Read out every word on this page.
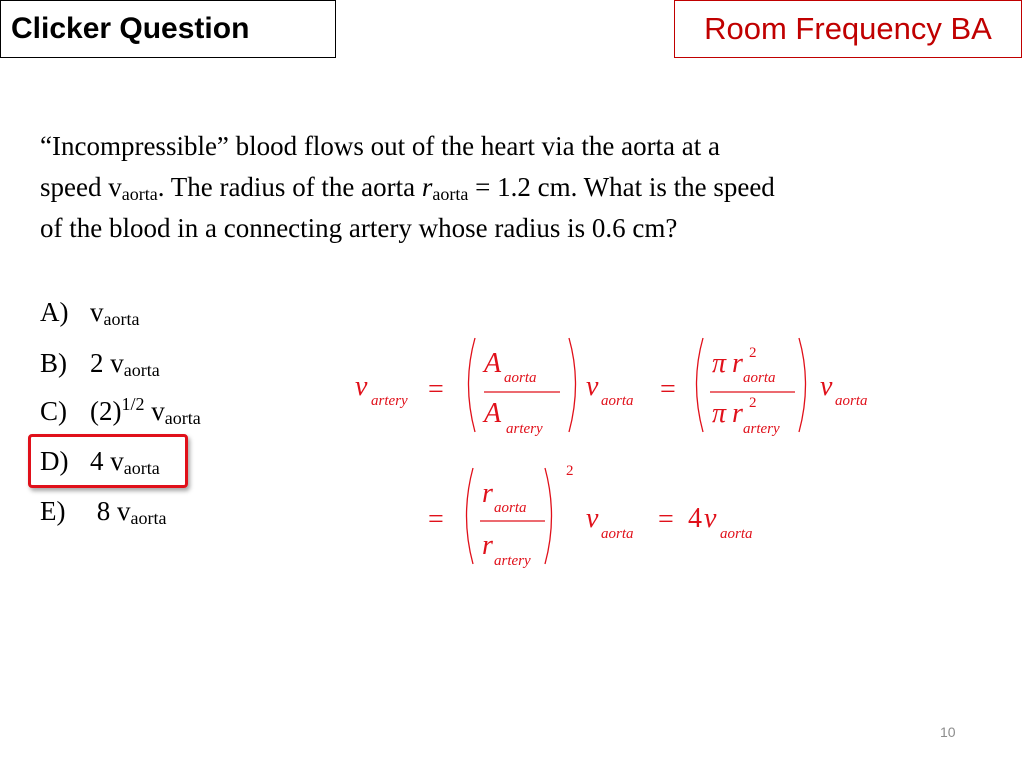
Clicker Question	Room Frequency BA
“Incompressible” blood flows out of the heart via the aorta at a
speed $v_{aorta}$. The radius of the aorta $r_{aorta} = 1.2$ cm. What is the speed
of the blood in a connecting artery whose radius is 0.6 cm?
A) $v_{aorta}$
B) 2 $v_{aorta}$
C) $(2)^{1/2}$ $v_{aorta}$
D) 4 $v_{aorta}$
E) 8 $v_{aorta}$
v artery =
A aorta
A artery
v aorta =
π r 2
aorta
π r 2
artery
v aorta
=
r aorta
r artery
2
v aorta = 4 v aorta
10
